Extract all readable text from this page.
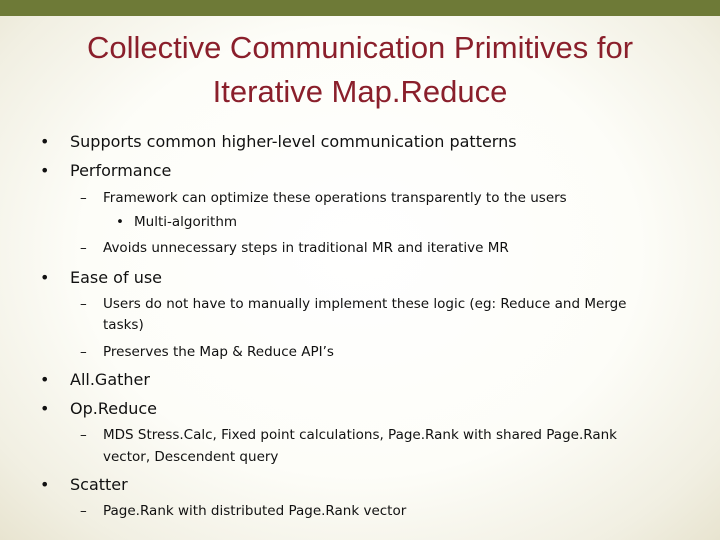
Collective Communication Primitives for
Iterative Map.Reduce
• Supports common higher-level communication patterns
• Performance
– Framework can optimize these operations transparently to the users
• Multi-algorithm
– Avoids unnecessary steps in traditional MR and iterative MR
• Ease of use
– Users do not have to manually implement these logic (eg: Reduce and Merge
tasks)
– Preserves the Map & Reduce API’s
• All.Gather
• Op.Reduce
– MDS Stress.Calc, Fixed point calculations, Page.Rank with shared Page.Rank
vector, Descendent query
• Scatter
– Page.Rank with distributed Page.Rank vector
